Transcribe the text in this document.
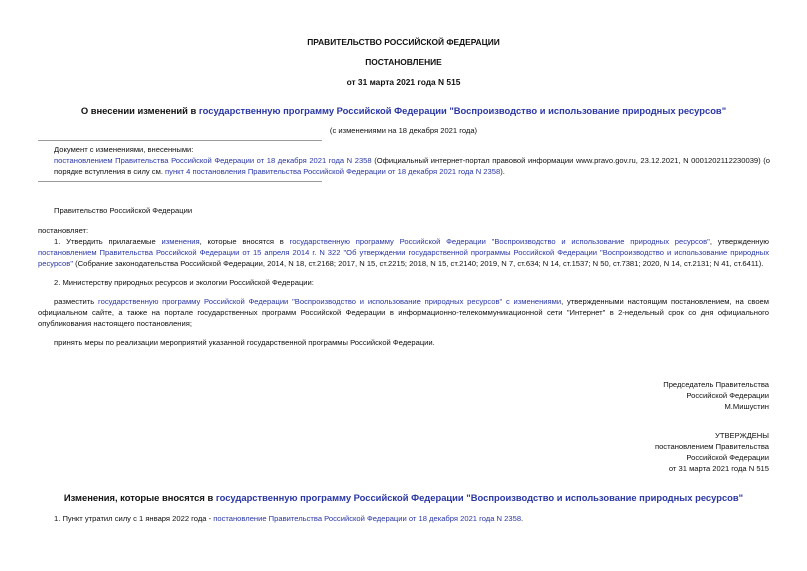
ПРАВИТЕЛЬСТВО РОССИЙСКОЙ ФЕДЕРАЦИИ
ПОСТАНОВЛЕНИЕ
от 31 марта 2021 года N 515
О внесении изменений в государственную программу Российской Федерации "Воспроизводство и использование природных ресурсов"
(с изменениями на 18 декабря 2021 года)
Документ с изменениями, внесенными:
постановлением Правительства Российской Федерации от 18 декабря 2021 года N 2358 (Официальный интернет-портал правовой информации www.pravo.gov.ru, 23.12.2021, N 0001202112230039) (о порядке вступления в силу см. пункт 4 постановления Правительства Российской Федерации от 18 декабря 2021 года N 2358).
Правительство Российской Федерации
постановляет:
1. Утвердить прилагаемые изменения, которые вносятся в государственную программу Российской Федерации "Воспроизводство и использование природных ресурсов", утвержденную постановлением Правительства Российской Федерации от 15 апреля 2014 г. N 322 "Об утверждении государственной программы Российской Федерации "Воспроизводство и использование природных ресурсов" (Собрание законодательства Российской Федерации, 2014, N 18, ст.2168; 2017, N 15, ст.2215; 2018, N 15, ст.2140; 2019, N 7, ст.634; N 14, ст.1537; N 50, ст.7381; 2020, N 14, ст.2131; N 41, ст.6411).
2. Министерству природных ресурсов и экологии Российской Федерации:
разместить государственную программу Российской Федерации "Воспроизводство и использование природных ресурсов" с изменениями, утвержденными настоящим постановлением, на своем официальном сайте, а также на портале государственных программ Российской Федерации в информационно-телекоммуникационной сети "Интернет" в 2-недельный срок со дня официального опубликования настоящего постановления;
принять меры по реализации мероприятий указанной государственной программы Российской Федерации.
Председатель Правительства
Российской Федерации
М.Мишустин
УТВЕРЖДЕНЫ
постановлением Правительства
Российской Федерации
от 31 марта 2021 года N 515
Изменения, которые вносятся в государственную программу Российской Федерации "Воспроизводство и использование природных ресурсов"
1. Пункт утратил силу с 1 января 2022 года - постановление Правительства Российской Федерации от 18 декабря 2021 года N 2358.
